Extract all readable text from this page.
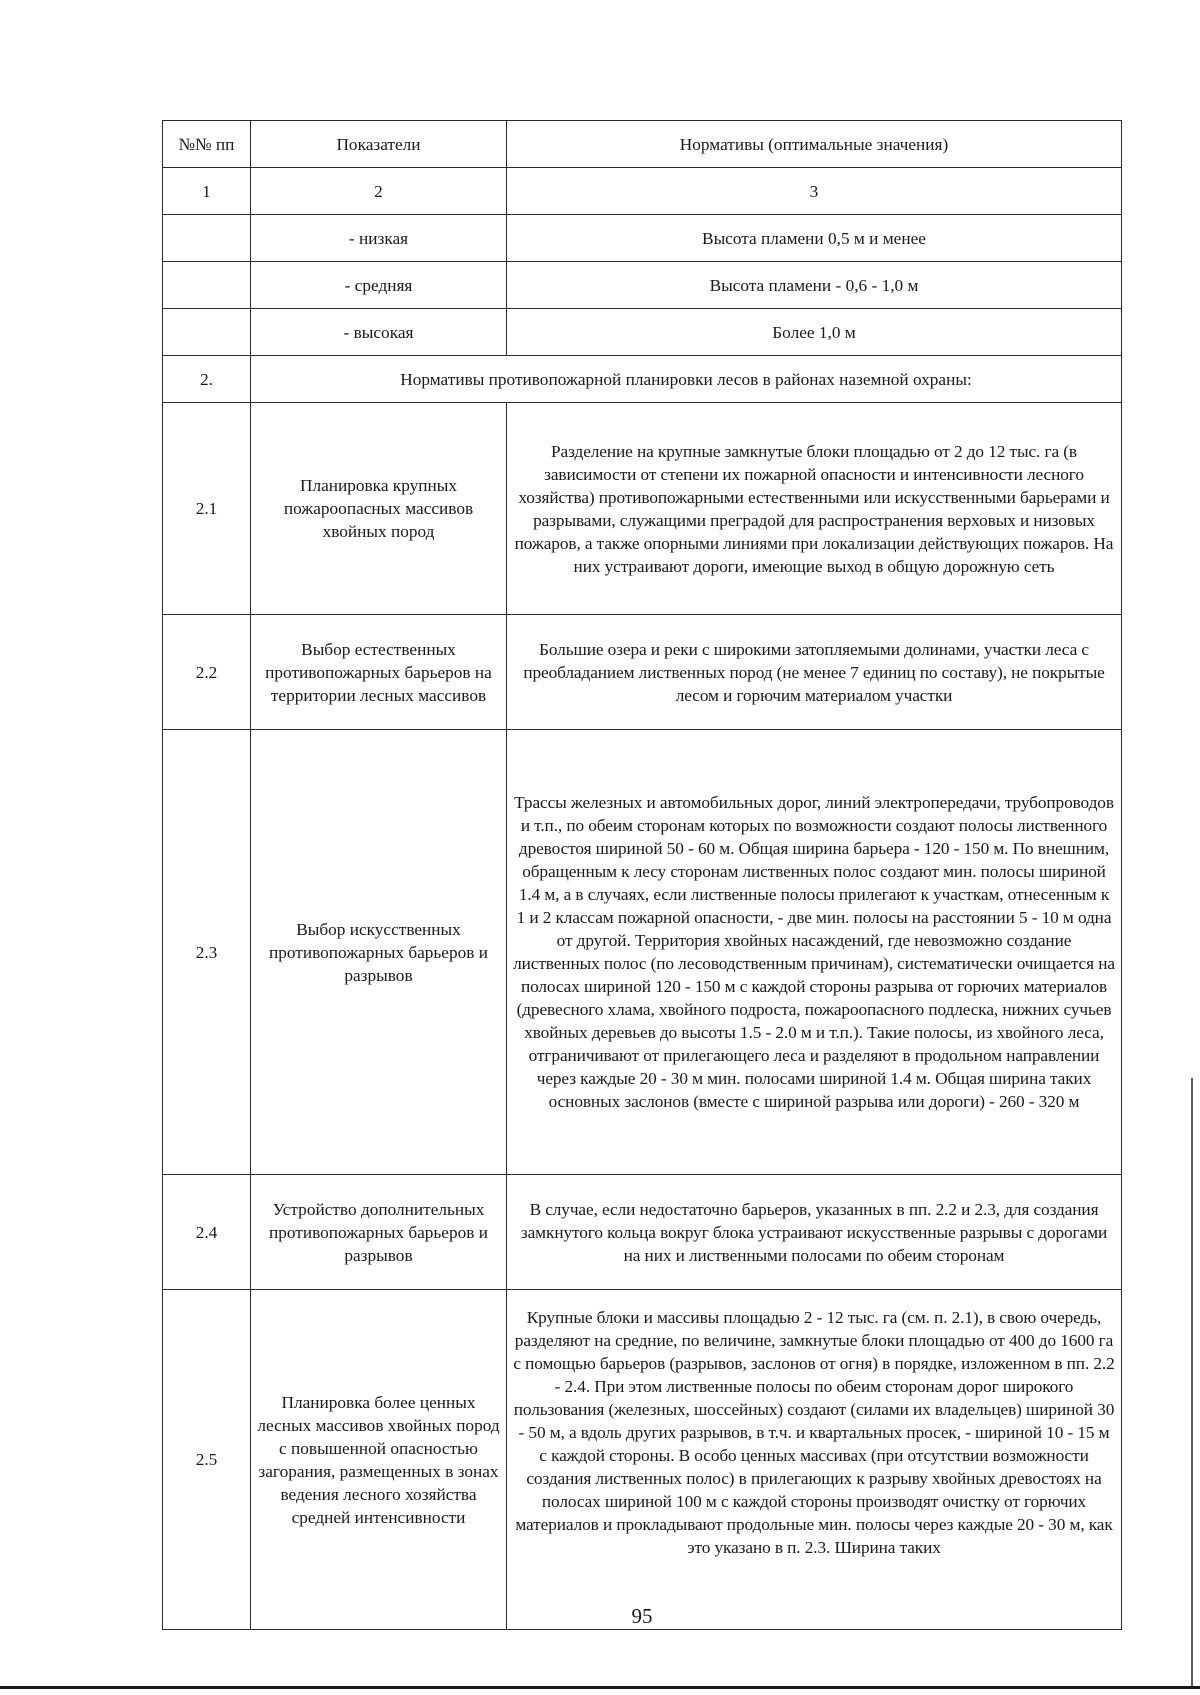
№№ пп	Показатели	Нормативы (оптимальные значения)
1	2	3
	- низкая	Высота пламени 0,5 м и менее
	- средняя	Высота пламени - 0,6 - 1,0 м
	- высокая	Более 1,0 м
2.	Нормативы противопожарной планировки лесов в районах наземной охраны:	
2.1	Планировка крупных пожароопасных массивов хвойных пород	Разделение на крупные замкнутые блоки площадью от 2 до 12 тыс. га (в зависимости от степени их пожарной опасности и интенсивности лесного хозяйства) противопожарными естественными или искусственными барьерами и разрывами, служащими преградой для распространения верховых и низовых пожаров, а также опорными линиями при локализации действующих пожаров. На них устраивают дороги, имеющие выход в общую дорожную сеть
2.2	Выбор естественных противопожарных барьеров на территории лесных массивов	Большие озера и реки с широкими затопляемыми долинами, участки леса с преобладанием лиственных пород (не менее 7 единиц по составу), не покрытые лесом и горючим материалом участки
2.3	Выбор искусственных противопожарных барьеров и разрывов	Трассы железных и автомобильных дорог, линий электропередачи, трубопроводов и т.п., по обеим сторонам которых по возможности создают полосы лиственного древостоя шириной 50 - 60 м. Общая ширина барьера - 120 - 150 м. По внешним, обращенным к лесу сторонам лиственных полос создают мин. полосы шириной 1.4 м, а в случаях, если лиственные полосы прилегают к участкам, отнесенным к 1 и 2 классам пожарной опасности, - две мин. полосы на расстоянии 5 - 10 м одна от другой. Территория хвойных насаждений, где невозможно создание лиственных полос (по лесоводственным причинам), систематически очищается на полосах шириной 120 - 150 м с каждой стороны разрыва от горючих материалов (древесного хлама, хвойного подроста, пожароопасного подлеска, нижних сучьев хвойных деревьев до высоты 1.5 - 2.0 м и т.п.). Такие полосы, из хвойного леса, отграничивают от прилегающего леса и разделяют в продольном направлении через каждые 20 - 30 м мин. полосами шириной 1.4 м. Общая ширина таких основных заслонов (вместе с шириной разрыва или дороги) - 260 - 320 м
2.4	Устройство дополнительных противопожарных барьеров и разрывов	В случае, если недостаточно барьеров, указанных в пп. 2.2 и 2.3, для создания замкнутого кольца вокруг блока устраивают искусственные разрывы с дорогами на них и лиственными полосами по обеим сторонам
2.5	Планировка более ценных лесных массивов хвойных пород с повышенной опасностью загорания, размещенных в зонах ведения лесного хозяйства средней интенсивности	Крупные блоки и массивы площадью 2 - 12 тыс. га (см. п. 2.1), в свою очередь, разделяют на средние, по величине, замкнутые блоки площадью от 400 до 1600 га с помощью барьеров (разрывов, заслонов от огня) в порядке, изложенном в пп. 2.2 - 2.4. При этом лиственные полосы по обеим сторонам дорог широкого пользования (железных, шоссейных) создают (силами их владельцев) шириной 30 - 50 м, а вдоль других разрывов, в т.ч. и квартальных просек, - шириной 10 - 15 м с каждой стороны. В особо ценных массивах (при отсутствии возможности создания лиственных полос) в прилегающих к разрыву хвойных древостоях на полосах шириной 100 м с каждой стороны производят очистку от горючих материалов и прокладывают продольные мин. полосы через каждые 20 - 30 м, как это указано в п. 2.3. Ширина таких
95
